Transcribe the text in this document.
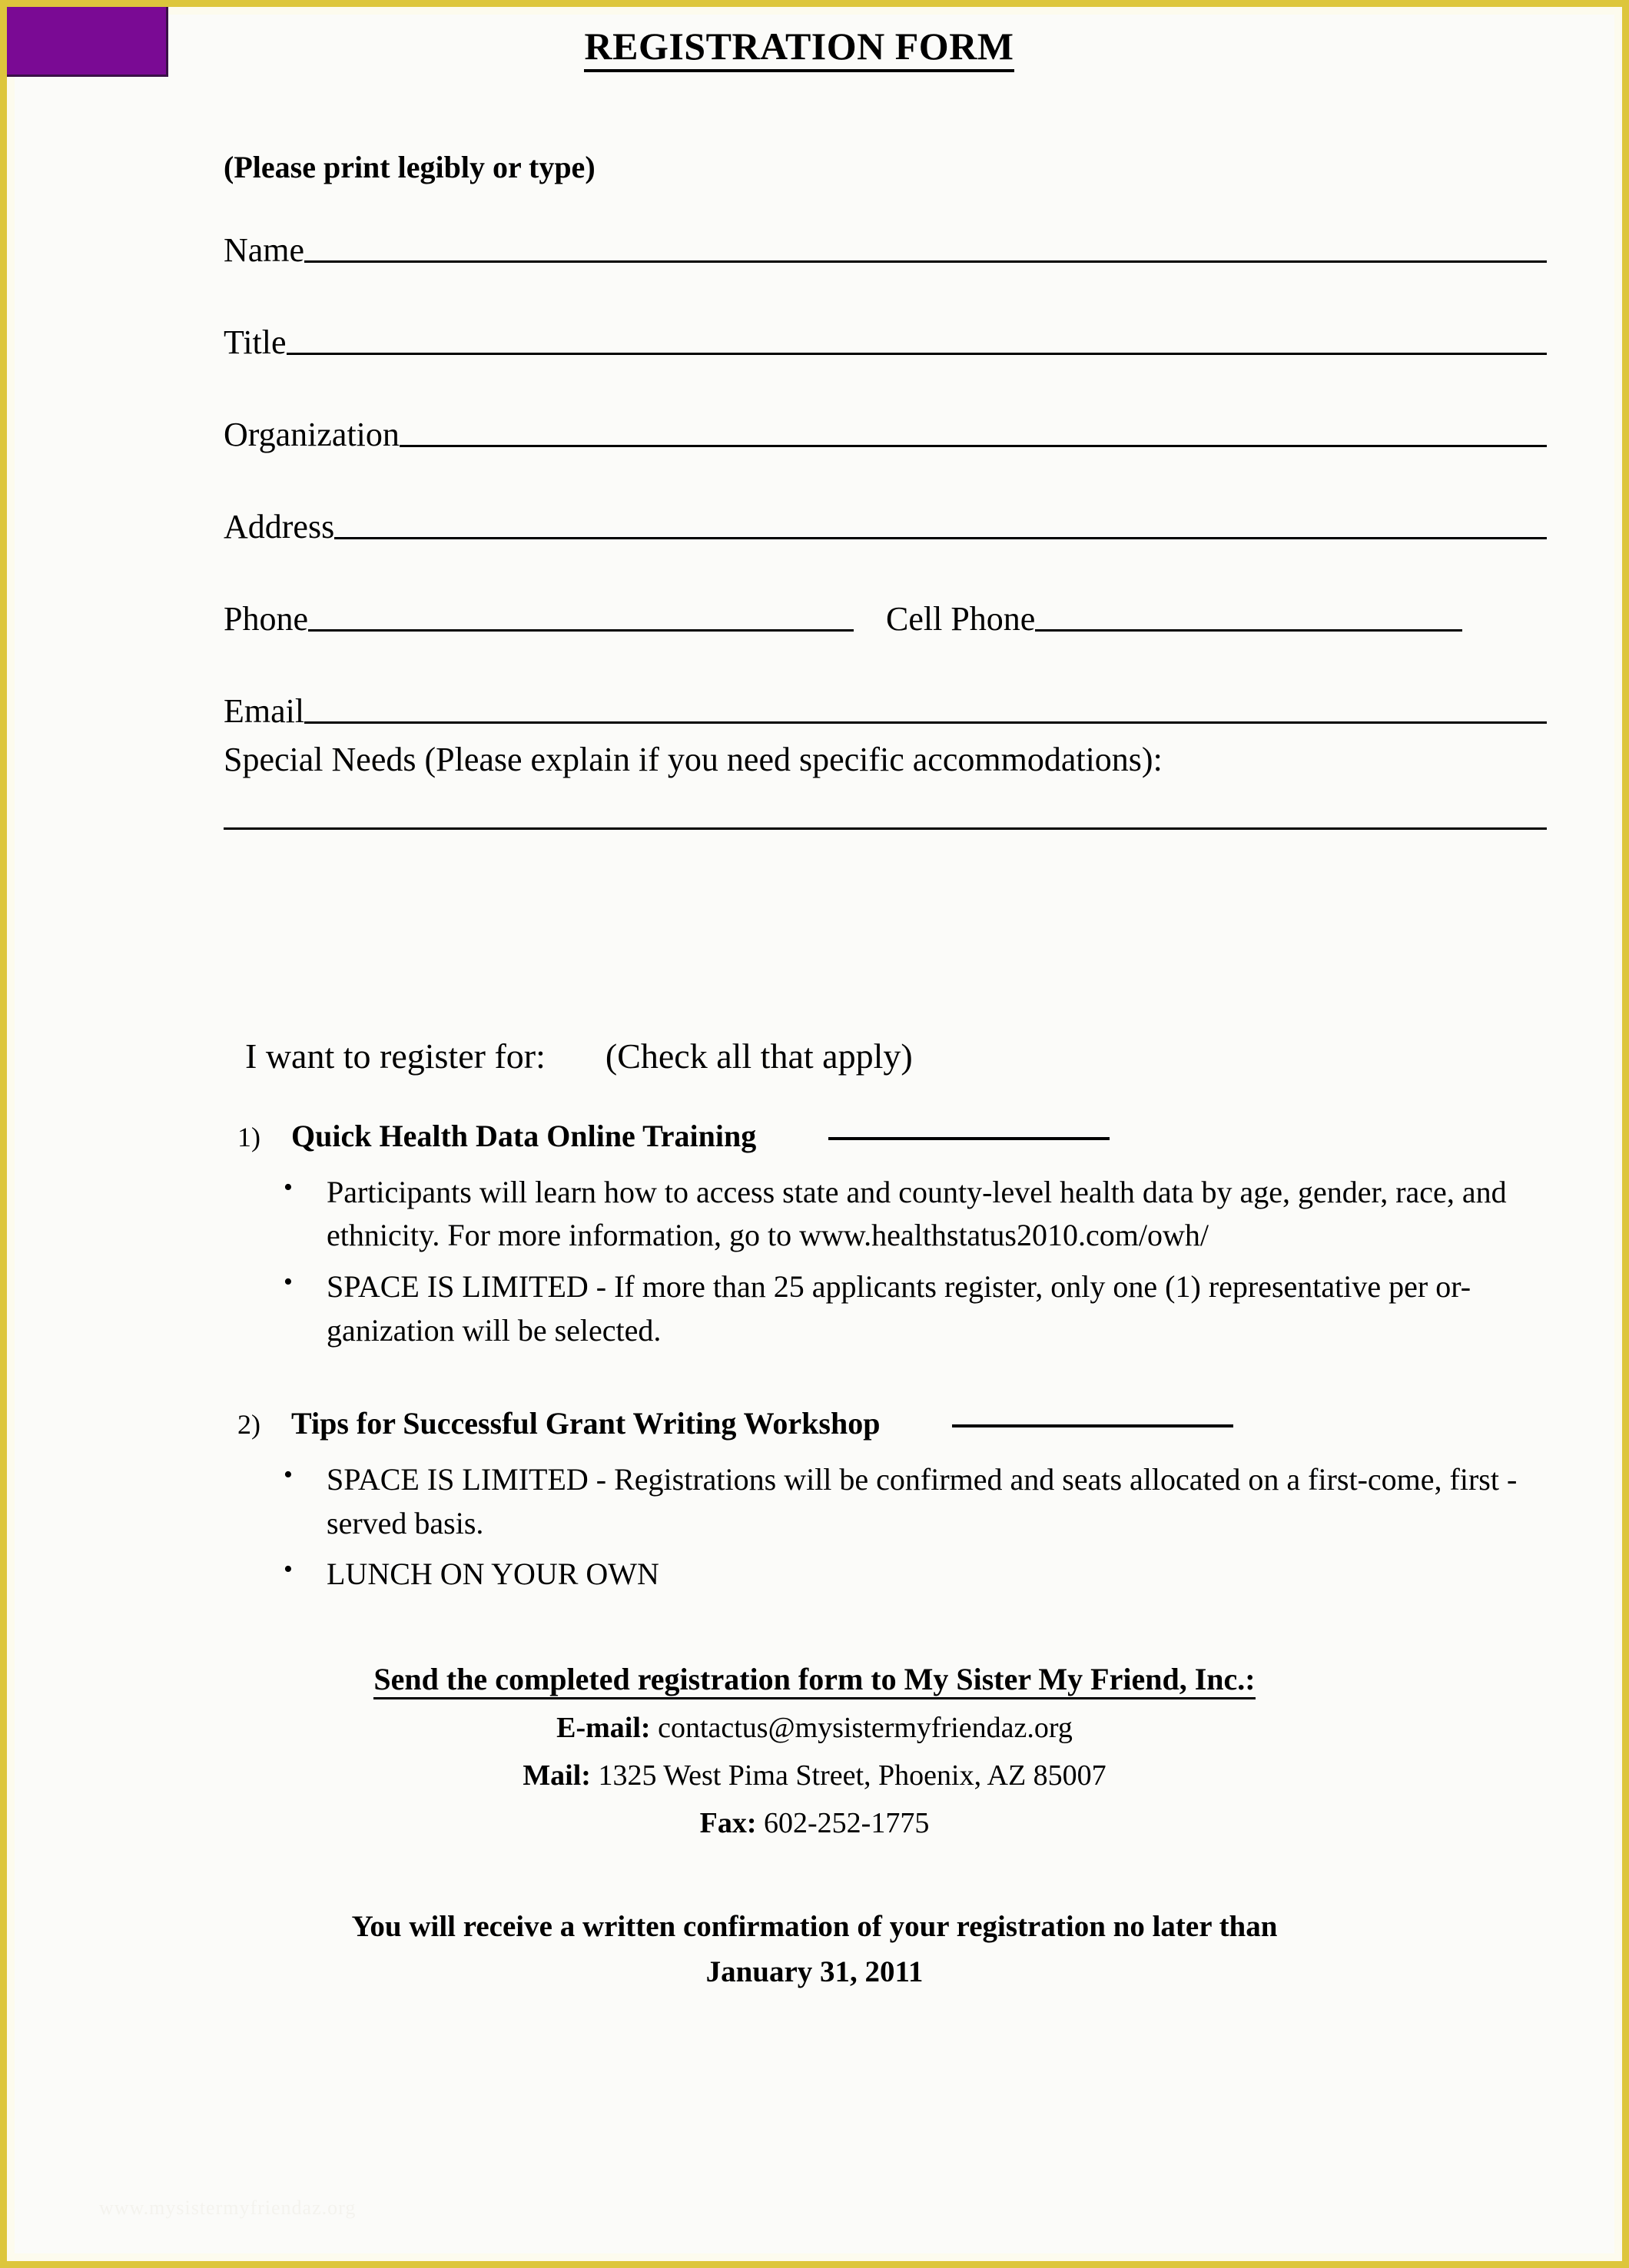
REGISTRATION FORM
(Please print legibly or type)
Name
Title
Organization
Address
Phone	Cell Phone
Email
Special Needs (Please explain if you need specific accommodations):
I want to register for: (Check all that apply)
1)	Quick Health Data Online Training
• Participants will learn how to access state and county-level health data by age, gender, race, and ethnicity. For more information, go to www.healthstatus2010.com/owh/
• SPACE IS LIMITED - If more than 25 applicants register, only one (1) representative per or-ganization will be selected.
2)	Tips for Successful Grant Writing Workshop
• SPACE IS LIMITED - Registrations will be confirmed and seats allocated on a first-come, first -served basis.
• LUNCH ON YOUR OWN
Send the completed registration form to My Sister My Friend, Inc.:
E-mail: contactus@mysistermyfriendaz.org
Mail: 1325 West Pima Street, Phoenix, AZ 85007
Fax: 602-252-1775
You will receive a written confirmation of your registration no later than
January 31, 2011
www.mysistermyfriendaz.org
